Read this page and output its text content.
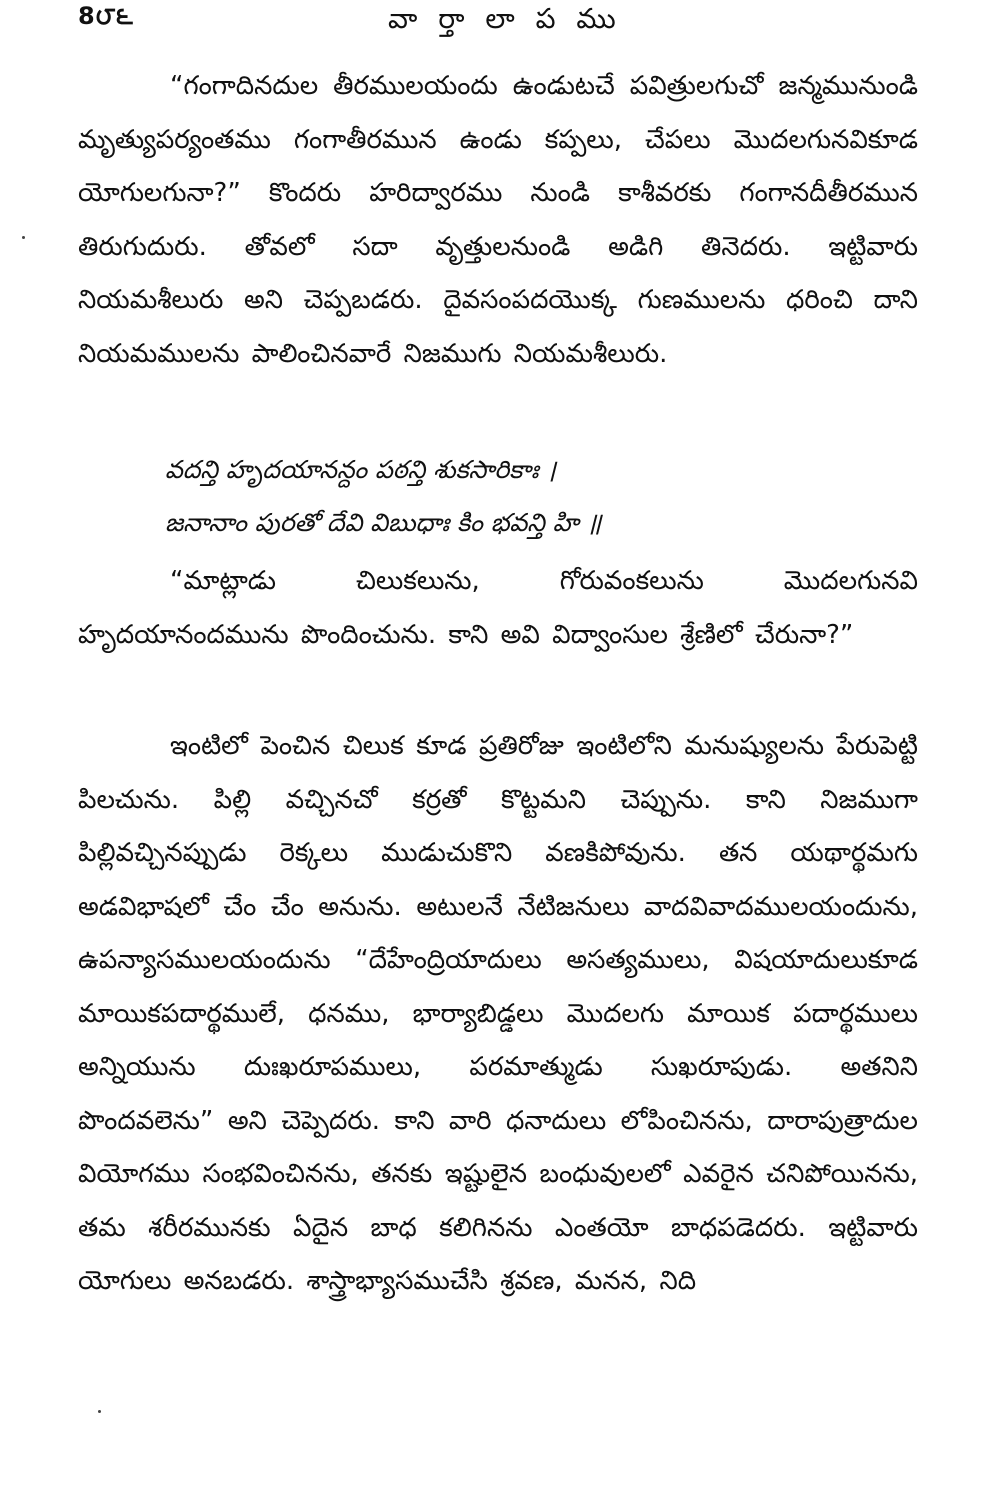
8౮౬	వా ర్తా లా ప ము

“గంగాదినదుల తీరములయందు ఉండుటచే పవిత్రులగుచో జన్మమునుండి మృత్యుపర్యంతము గంగాతీరమున ఉండు కప్పలు, చేపలు మొదలగునవికూడ యోగులగునా?” కొందరు హరిద్వారము నుండి కాశీవరకు గంగానదీతీరమున తిరుగుదురు. తోవలో సదా వృత్తులనుండి అడిగి తినెదరు. ఇట్టివారు నియమశీలురు అని చెప్పబడరు. దైవసంపదయొక్క గుణములను ధరించి దాని నియమములను పాలించినవారే నిజముగు నియమశీలురు.

వదన్తి హృదయానన్దం పఠన్తి శుకసారికాః ।
జనానాం పురతో దేవి విబుధాః కిం భవన్తి హి ॥

“మాట్లాడు చిలుకలును, గోరువంకలును మొదలగునవి హృదయానందమును పొందించును. కాని అవి విద్వాంసుల శ్రేణిలో చేరునా?”

ఇంటిలో పెంచిన చిలుక కూడ ప్రతిరోజు ఇంటిలోని మనుష్యులను పేరుపెట్టి పిలచును. పిల్లి వచ్చినచో కర్రతో కొట్టమని చెప్పును. కాని నిజముగా పిల్లివచ్చినప్పుడు రెక్కలు ముడుచుకొని వణకిపోవును. తన యథార్థమగు అడవిభాషలో చేం చేం అనును. అటులనే నేటిజనులు వాదవివాదములయందును, ఉపన్యాసములయందును “దేహేంద్రియాదులు అసత్యములు, విషయాదులుకూడ మాయికపదార్థములే, ధనము, భార్యాబిడ్డలు మొదలగు మాయిక పదార్థములు అన్నియును దుఃఖరూపములు, పరమాత్ముడు సుఖరూపుడు. అతనిని పొందవలెను” అని చెప్పెదరు. కాని వారి ధనాదులు లోపించినను, దారాపుత్రాదుల వియోగము సంభవించినను, తనకు ఇష్టులైన బంధువులలో ఎవరైన చనిపోయినను, తమ శరీరమునకు ఏదైన బాధ కలిగినను ఎంతయో బాధపడెదరు. ఇట్టివారు యోగులు అనబడరు. శాస్త్రాభ్యాసముచేసి శ్రవణ, మనన, నిది
